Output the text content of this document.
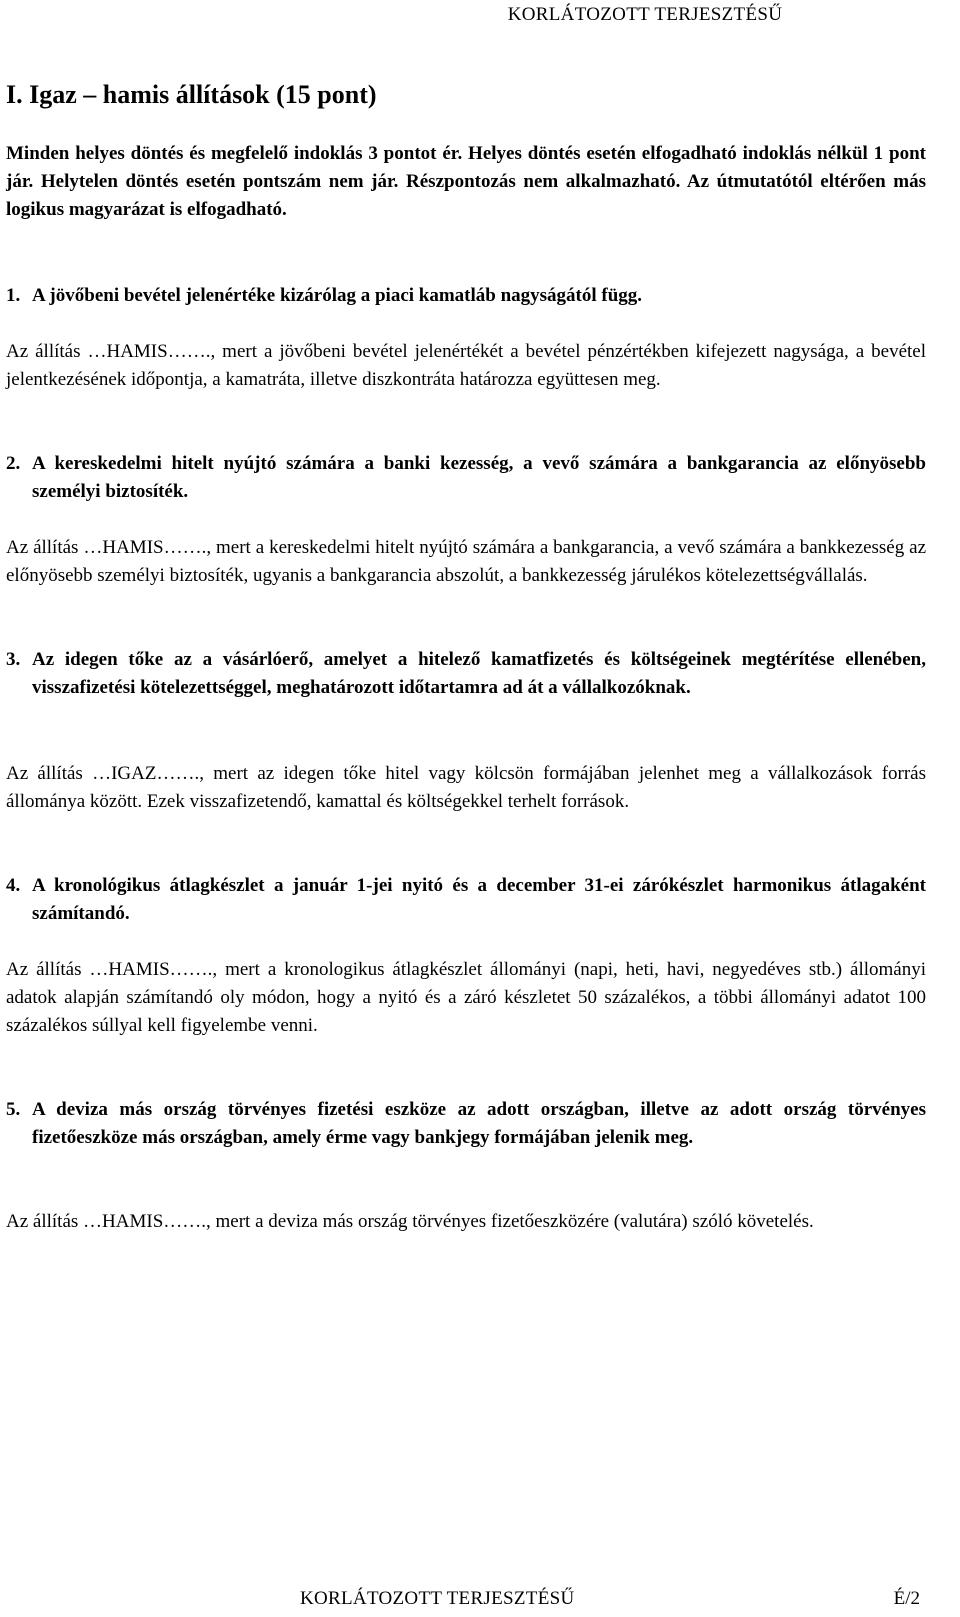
KORLÁTOZOTT TERJESZTÉSŰ
I. Igaz – hamis állítások (15 pont)

Minden helyes döntés és megfelelő indoklás 3 pontot ér. Helyes döntés esetén elfogadható indoklás nélkül 1 pont jár. Helytelen döntés esetén pontszám nem jár. Részpontozás nem alkalmazható. Az útmutatótól eltérően más logikus magyarázat is elfogadható.

1. A jövőbeni bevétel jelenértéke kizárólag a piaci kamatláb nagyságától függ.

Az állítás …HAMIS……., mert a jövőbeni bevétel jelenértékét a bevétel pénzértékben kifejezett nagysága, a bevétel jelentkezésének időpontja, a kamatráta, illetve diszkontráta határozza együttesen meg.

2. A kereskedelmi hitelt nyújtó számára a banki kezesség, a vevő számára a bankgarancia az előnyösebb személyi biztosíték.

Az állítás …HAMIS……., mert a kereskedelmi hitelt nyújtó számára a bankgarancia, a vevő számára a bankkezesség az előnyösebb személyi biztosíték, ugyanis a bankgarancia abszolút, a bankkezesség járulékos kötelezettségvállalás.

3. Az idegen tőke az a vásárlóerő, amelyet a hitelező kamatfizetés és költségeinek megtérítése ellenében, visszafizetési kötelezettséggel, meghatározott időtartamra ad át a vállalkozóknak.

Az állítás …IGAZ……., mert az idegen tőke hitel vagy kölcsön formájában jelenhet meg a vállalkozások forrás állománya között. Ezek visszafizetendő, kamattal és költségekkel terhelt források.

4. A kronológikus átlagkészlet a január 1-jei nyitó és a december 31-ei zárókészlet harmonikus átlagaként számítandó.

Az állítás …HAMIS……., mert a kronologikus átlagkészlet állományi (napi, heti, havi, negyedéves stb.) állományi adatok alapján számítandó oly módon, hogy a nyitó és a záró készletet 50 százalékos, a többi állományi adatot 100 százalékos súllyal kell figyelembe venni.

5. A deviza más ország törvényes fizetési eszköze az adott országban, illetve az adott ország törvényes fizetőeszköze más országban, amely érme vagy bankjegy formájában jelenik meg.

Az állítás …HAMIS……., mert a deviza más ország törvényes fizetőeszközére (valutára) szóló követelés.

KORLÁTOZOTT TERJESZTÉSŰ	É/2
